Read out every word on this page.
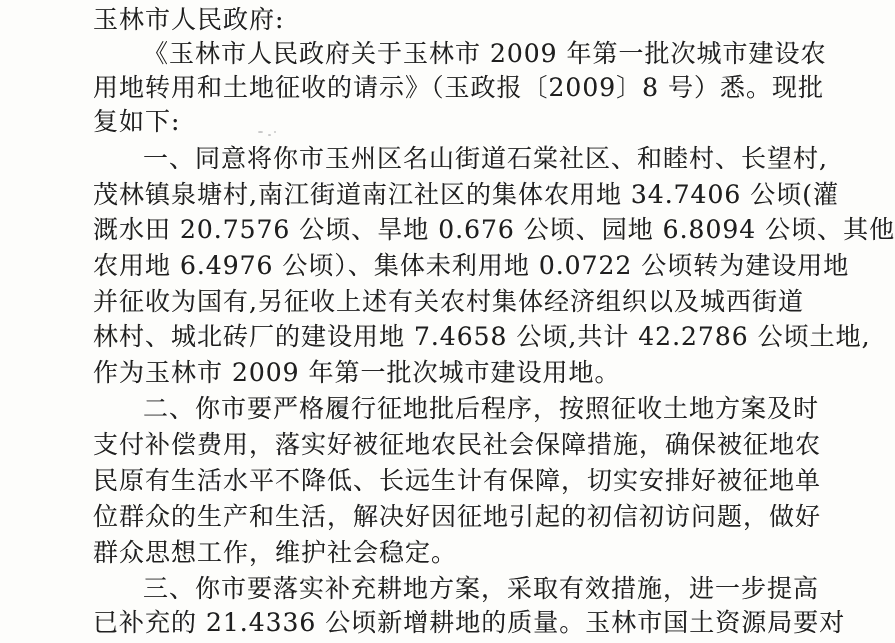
玉林市人民政府:
《玉林市人民政府关于玉林市 2009 年第一批次城市建设农
用地转用和土地征收的请示》（玉政报〔2009〕8 号）悉。现批
复如下:
一、同意将你市玉州区名山街道石棠社区、和睦村、长望村,
茂林镇泉塘村,南江街道南江社区的集体农用地 34.7406 公顷(灌
溉水田 20.7576 公顷、旱地 0.676 公顷、园地 6.8094 公顷、其他
农用地 6.4976 公顷）、集体未利用地 0.0722 公顷转为建设用地
并征收为国有,另征收上述有关农村集体经济组织以及城西街道
林村、城北砖厂的建设用地 7.4658 公顷,共计 42.2786 公顷土地,
作为玉林市 2009 年第一批次城市建设用地。
二、你市要严格履行征地批后程序，按照征收土地方案及时
支付补偿费用，落实好被征地农民社会保障措施，确保被征地农
民原有生活水平不降低、长远生计有保障，切实安排好被征地单
位群众的生产和生活，解决好因征地引起的初信初访问题，做好
群众思想工作，维护社会稳定。
三、你市要落实补充耕地方案，采取有效措施，进一步提高
已补充的 21.4336 公顷新增耕地的质量。玉林市国土资源局要对
